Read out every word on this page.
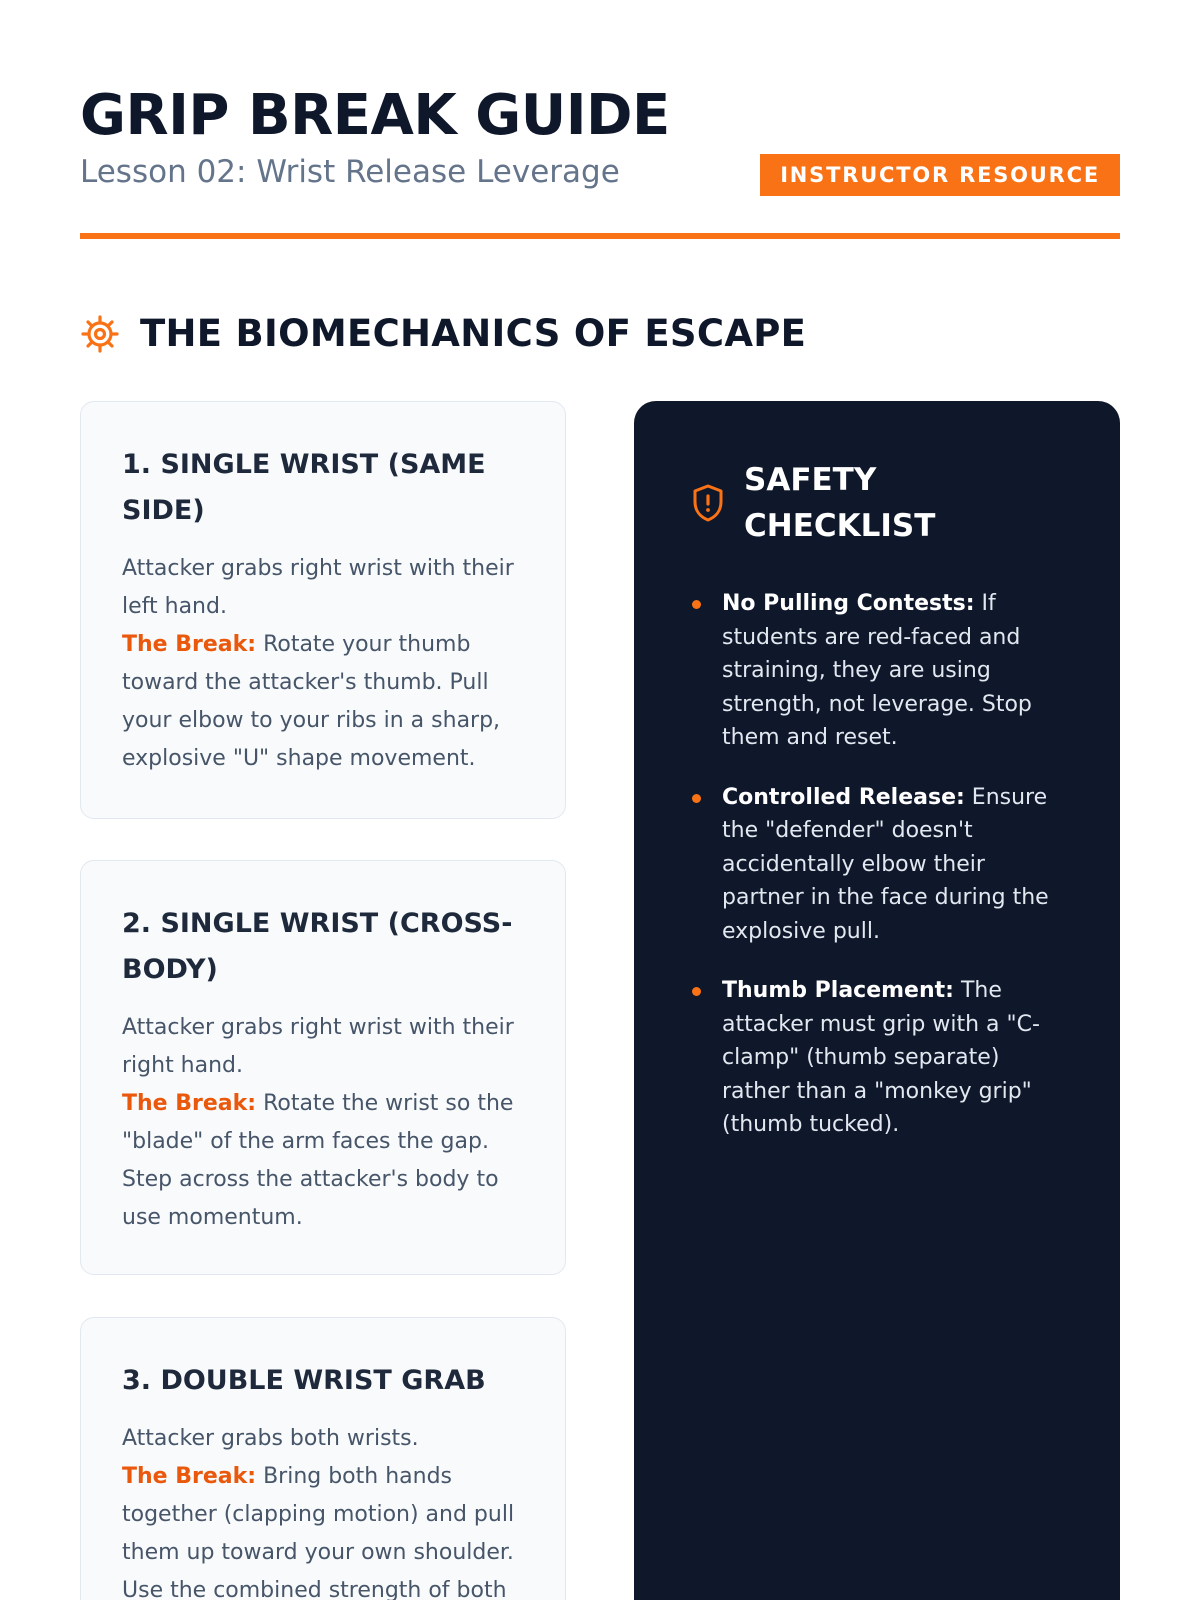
GRIP BREAK GUIDE

Lesson 02: Wrist Release Leverage	INSTRUCTOR RESOURCE
THE BIOMECHANICS OF ESCAPE
1. SINGLE WRIST (SAME SIDE)

Attacker grabs right wrist with their left hand.
The Break: Rotate your thumb toward the attacker's thumb. Pull your elbow to your ribs in a sharp, explosive "U" shape movement.

2. SINGLE WRIST (CROSS-BODY)

Attacker grabs right wrist with their right hand.
The Break: Rotate the wrist so the "blade" of the arm faces the gap. Step across the attacker's body to use momentum.

3. DOUBLE WRIST GRAB

Attacker grabs both wrists.
The Break: Bring both hands together (clapping motion) and pull them up toward your own shoulder. Use the combined strength of both

SAFETY CHECKLIST
No Pulling Contests: If students are red-faced and straining, they are using strength, not leverage. Stop them and reset.
Controlled Release: Ensure the "defender" doesn't accidentally elbow their partner in the face during the explosive pull.
Thumb Placement: The attacker must grip with a "C-clamp" (thumb separate) rather than a "monkey grip" (thumb tucked).
